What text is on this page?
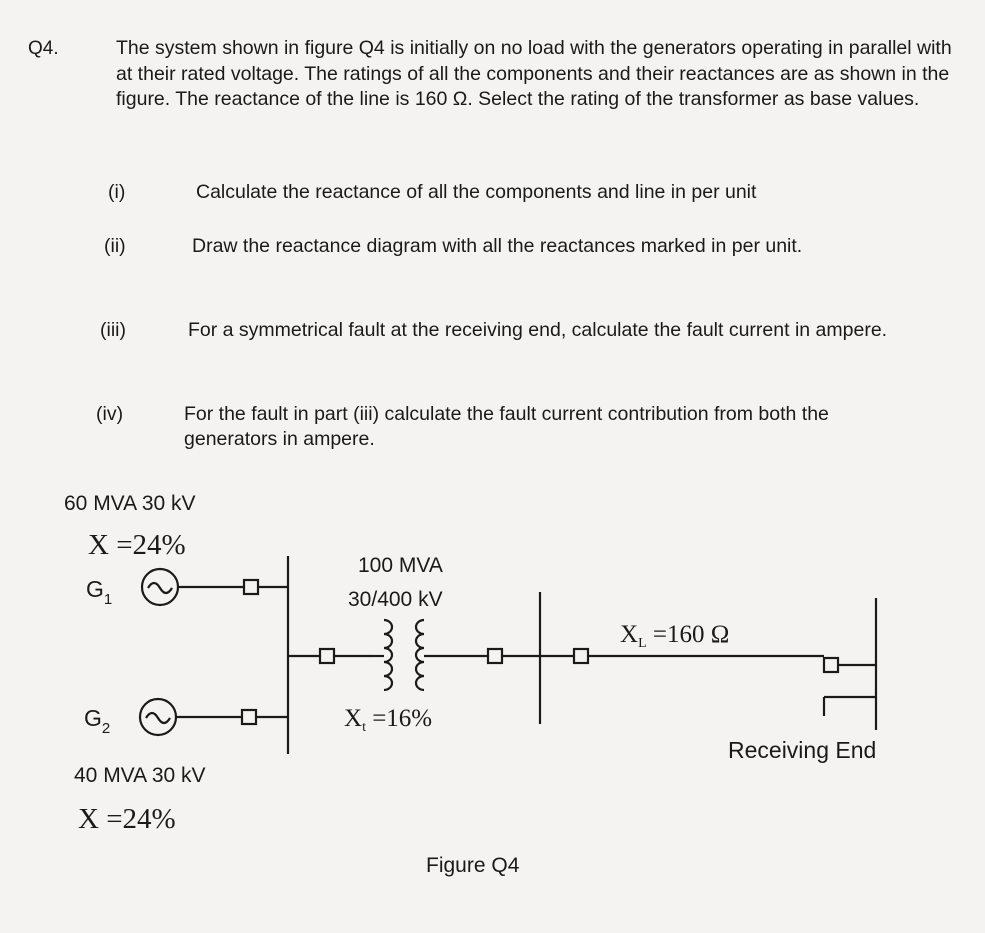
Q4.	The system shown in figure Q4 is initially on no load with the generators operating in parallel with at their rated voltage. The ratings of all the components and their reactances are as shown in the figure. The reactance of the line is 160 Ω. Select the rating of the transformer as base values.
(i)	Calculate the reactance of all the components and line in per unit
(ii)	Draw the reactance diagram with all the reactances marked in per unit.
(iii)	For a symmetrical fault at the receiving end, calculate the fault current in ampere.
(iv)	For the fault in part (iii) calculate the fault current contribution from both the generators in ampere.
60 MVA 30 kV
X =24%
$G_1$
$G_2$
40 MVA 30 kV
X =24%
100 MVA
30/400 kV
$X_t =16\%$
$X_L =160$ Ω
Receiving End
Figure Q4
